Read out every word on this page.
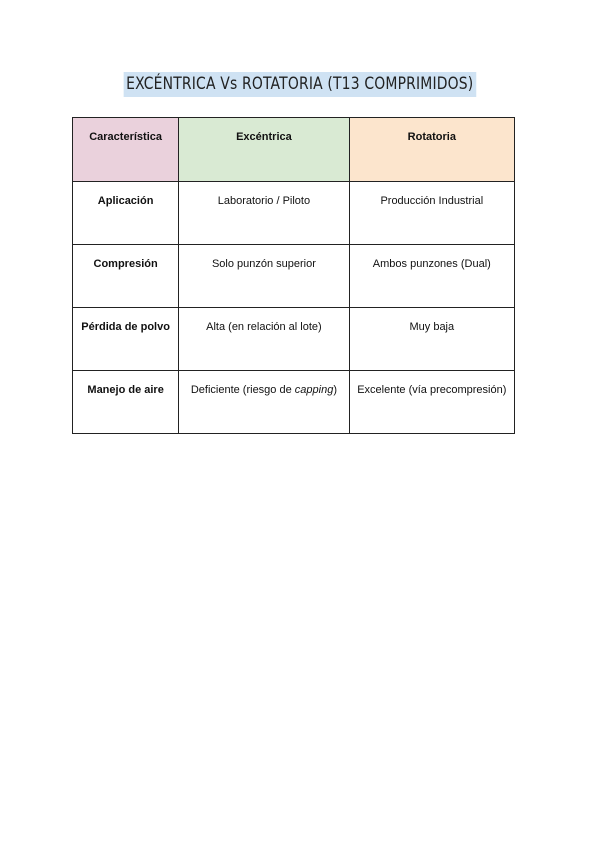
EXCÉNTRICA Vs ROTATORIA (T13 COMPRIMIDOS)
Característica	Excéntrica	Rotatoria

Aplicación	Laboratorio / Piloto	Producción Industrial

Compresión	Solo punzón superior	Ambos punzones (Dual)

Pérdida de polvo	Alta (en relación al lote)	Muy baja

Manejo de aire	Deficiente (riesgo de capping)	Excelente (vía precompresión)
